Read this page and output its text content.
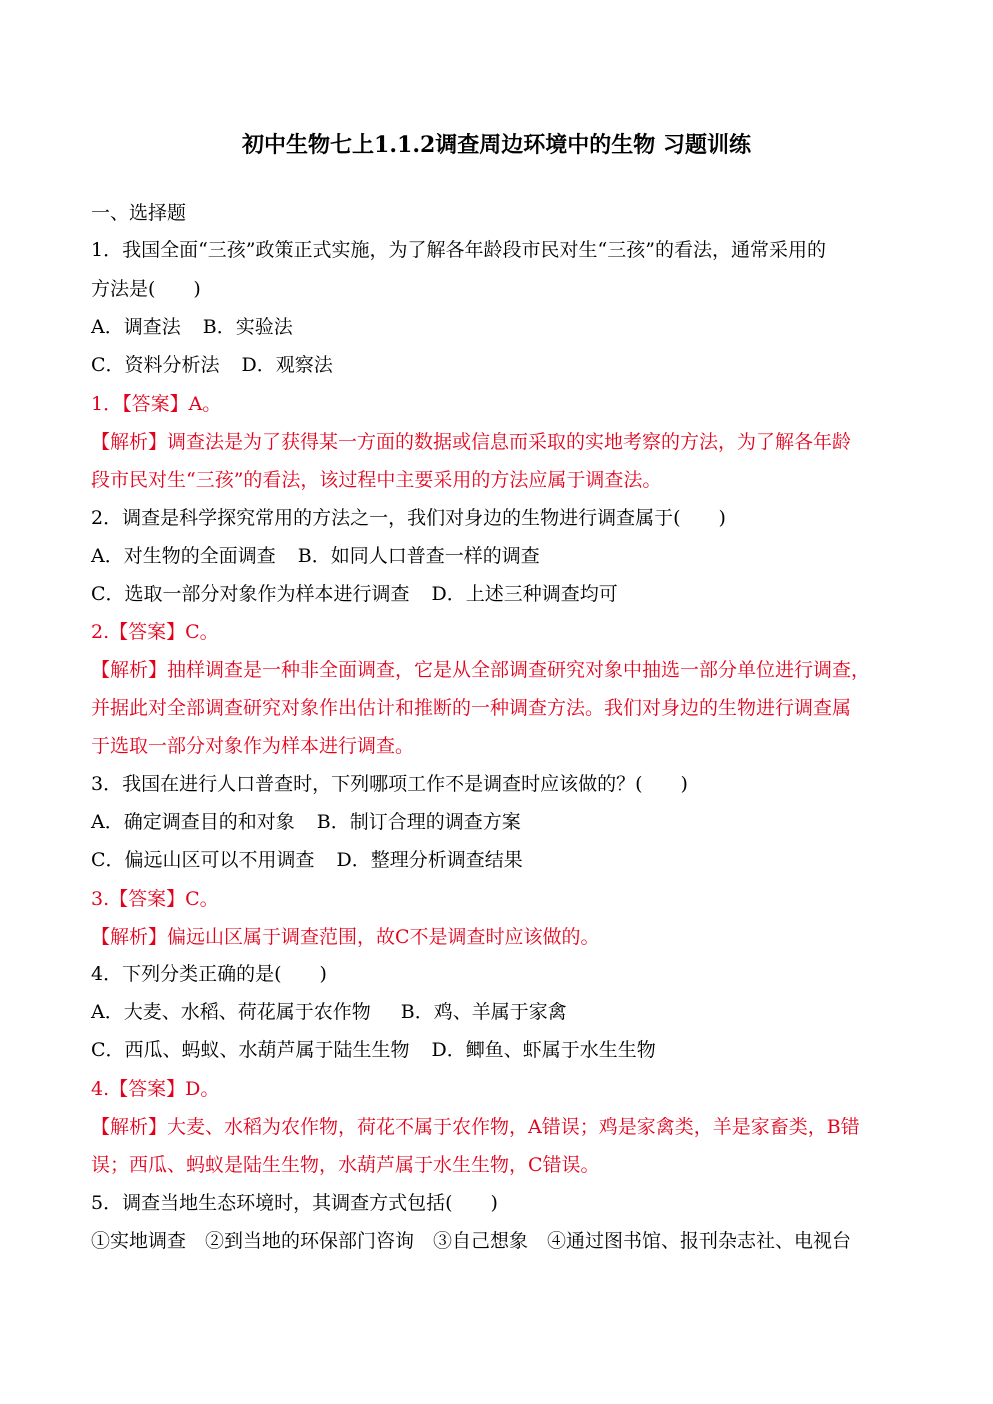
初中生物七上1.1.2调查周边环境中的生物 习题训练
一、选择题
1．我国全面“三孩”政策正式实施，为了解各年龄段市民对生“三孩”的看法，通常采用的
方法是(　　)
A．调查法 B．实验法
C．资料分析法 D．观察法
1．【答案】A。
【解析】调查法是为了获得某一方面的数据或信息而采取的实地考察的方法，为了解各年龄
段市民对生“三孩”的看法，该过程中主要采用的方法应属于调查法。
2．调查是科学探究常用的方法之一，我们对身边的生物进行调查属于(　　)
A．对生物的全面调查 B．如同人口普查一样的调查
C．选取一部分对象作为样本进行调查 D．上述三种调查均可
2.【答案】C。
【解析】抽样调查是一种非全面调查，它是从全部调查研究对象中抽选一部分单位进行调查，
并据此对全部调查研究对象作出估计和推断的一种调查方法。我们对身边的生物进行调查属
于选取一部分对象作为样本进行调查。
3．我国在进行人口普查时，下列哪项工作不是调查时应该做的？(　　)
A．确定调查目的和对象 B．制订合理的调查方案
C．偏远山区可以不用调查 D．整理分析调查结果
3.【答案】C。
【解析】偏远山区属于调查范围，故C不是调查时应该做的。
4．下列分类正确的是(　　)
A．大麦、水稻、荷花属于农作物 B．鸡、羊属于家禽
C．西瓜、蚂蚁、水葫芦属于陆生生物 D．鲫鱼、虾属于水生生物
4.【答案】D。
【解析】大麦、水稻为农作物，荷花不属于农作物，A错误；鸡是家禽类，羊是家畜类，B错
误；西瓜、蚂蚁是陆生生物，水葫芦属于水生生物，C错误。
5．调查当地生态环境时，其调查方式包括(　　)
①实地调查　②到当地的环保部门咨询　③自己想象　④通过图书馆、报刊杂志社、电视台
